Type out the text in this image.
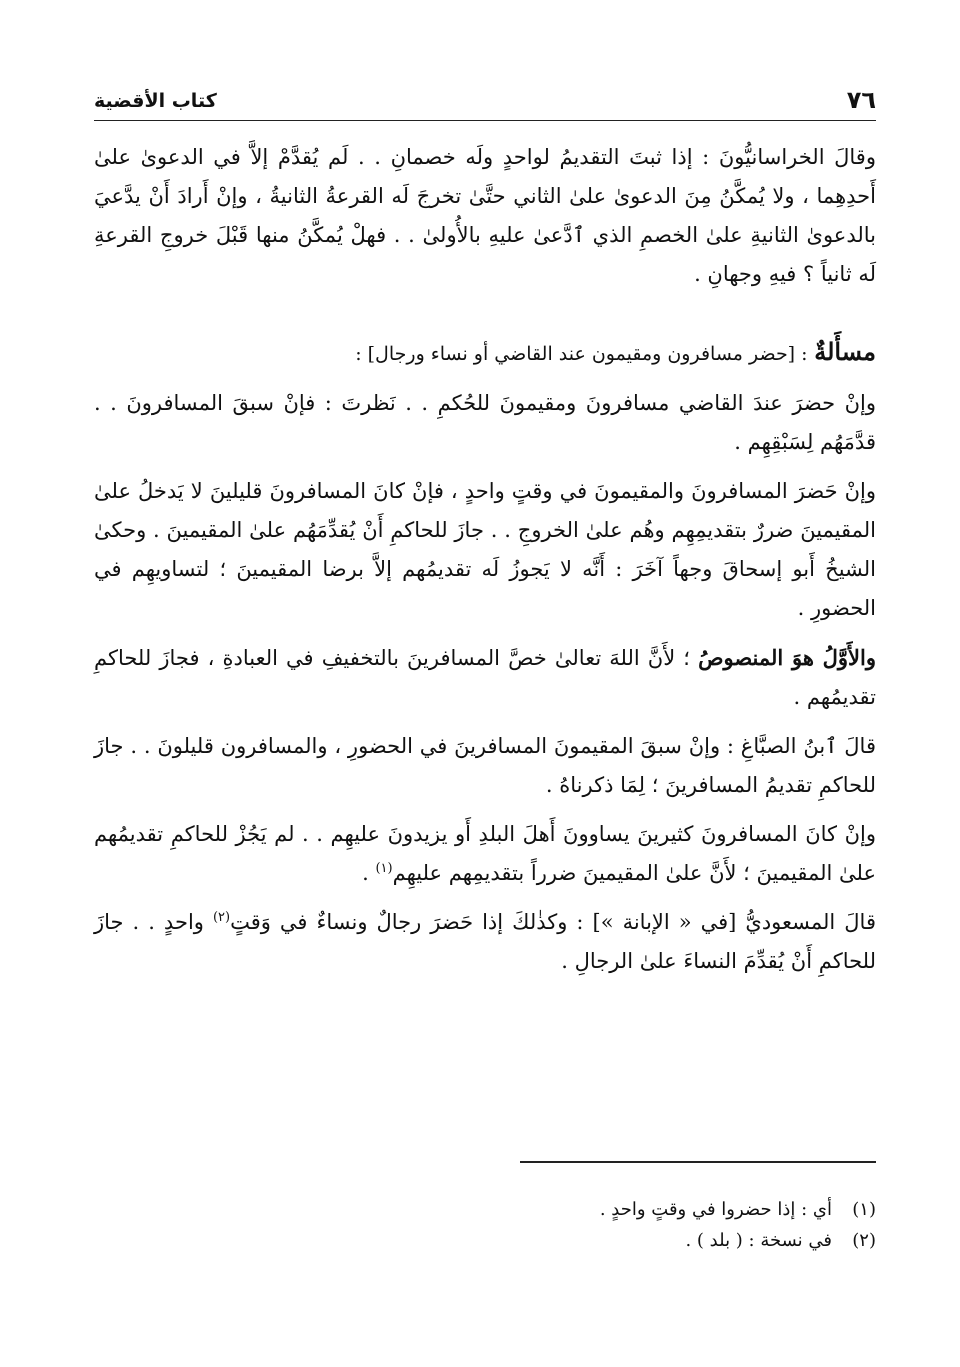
٧٦
كتاب الأقضية

وقالَ الخراسانيُّونَ : إذا ثبتَ التقديمُ لواحدٍ ولَه خصمانِ . . لَم يُقدَّمْ إلاَّ في الدعوىٰ علىٰ أَحدِهِما ، ولا يُمكَّنُ مِنَ الدعوىٰ علىٰ الثاني حتَّىٰ تخرجَ لَه القرعةُ الثانيةُ ، وإنْ أَرادَ أَنْ يدَّعيَ بالدعوىٰ الثانيةِ علىٰ الخصمِ الذي ٱدَّعىٰ عليهِ بالأُولىٰ . . فهلْ يُمكَّنُ منها قَبْلَ خروجِ القرعةِ لَه ثانياً ؟ فيهِ وجهانِ .

مسأَلةٌ : [حضر مسافرون ومقيمون عند القاضي أو نساء ورجال] :

وإنْ حضرَ عندَ القاضي مسافرونَ ومقيمونَ للحُكمِ . . نَظرتَ : فإنْ سبقَ المسافرونَ . . قدَّمَهُم لِسَبْقِهِم .

وإنْ حَضرَ المسافرونَ والمقيمونَ في وقتٍ واحدٍ ، فإنْ كانَ المسافرونَ قليلينَ لا يَدخلُ علىٰ المقيمينَ ضررٌ بتقديمِهِم وهُم علىٰ الخروجِ . . جازَ للحاكمِ أَنْ يُقدِّمَهُم علىٰ المقيمينَ . وحكىٰ الشيخُ أَبو إسحاقَ وجهاً آخَرَ : أَنَّه لا يَجوزُ لَه تقديمُهم إلاَّ برضا المقيمينَ ؛ لتساويهِم في الحضورِ .

والأَوَّلُ هوَ المنصوصُ ؛ لأَنَّ اللهَ تعالىٰ خصَّ المسافرينَ بالتخفيفِ في العبادةِ ، فجازَ للحاكمِ تقديمُهم .

قالَ ٱبنُ الصبَّاغِ : وإنْ سبقَ المقيمونَ المسافرينَ في الحضورِ ، والمسافرون قليلونَ . . جازَ للحاكمِ تقديمُ المسافرينَ ؛ لِمَا ذكرناهُ .

وإنْ كانَ المسافرونَ كثيرينَ يساوونَ أَهلَ البلدِ أَو يزيدونَ عليهِم . . لم يَجُزْ للحاكمِ تقديمُهم علىٰ المقيمينَ ؛ لأَنَّ علىٰ المقيمينَ ضرراً بتقديمِهم عليهِم$^{(١)}$ .

قالَ المسعوديُّ [في « الإبانة »] : وكذٰلكَ إذا حَضرَ رجالٌ ونساءٌ في وَقتٍ$^{(٢)}$ واحدٍ . . جازَ للحاكمِ أَنْ يُقدِّمَ النساءَ علىٰ الرجالِ .

(١)أي : إذا حضروا في وقتٍ واحدٍ .

(٢)في نسخة : ( بلد ) .
